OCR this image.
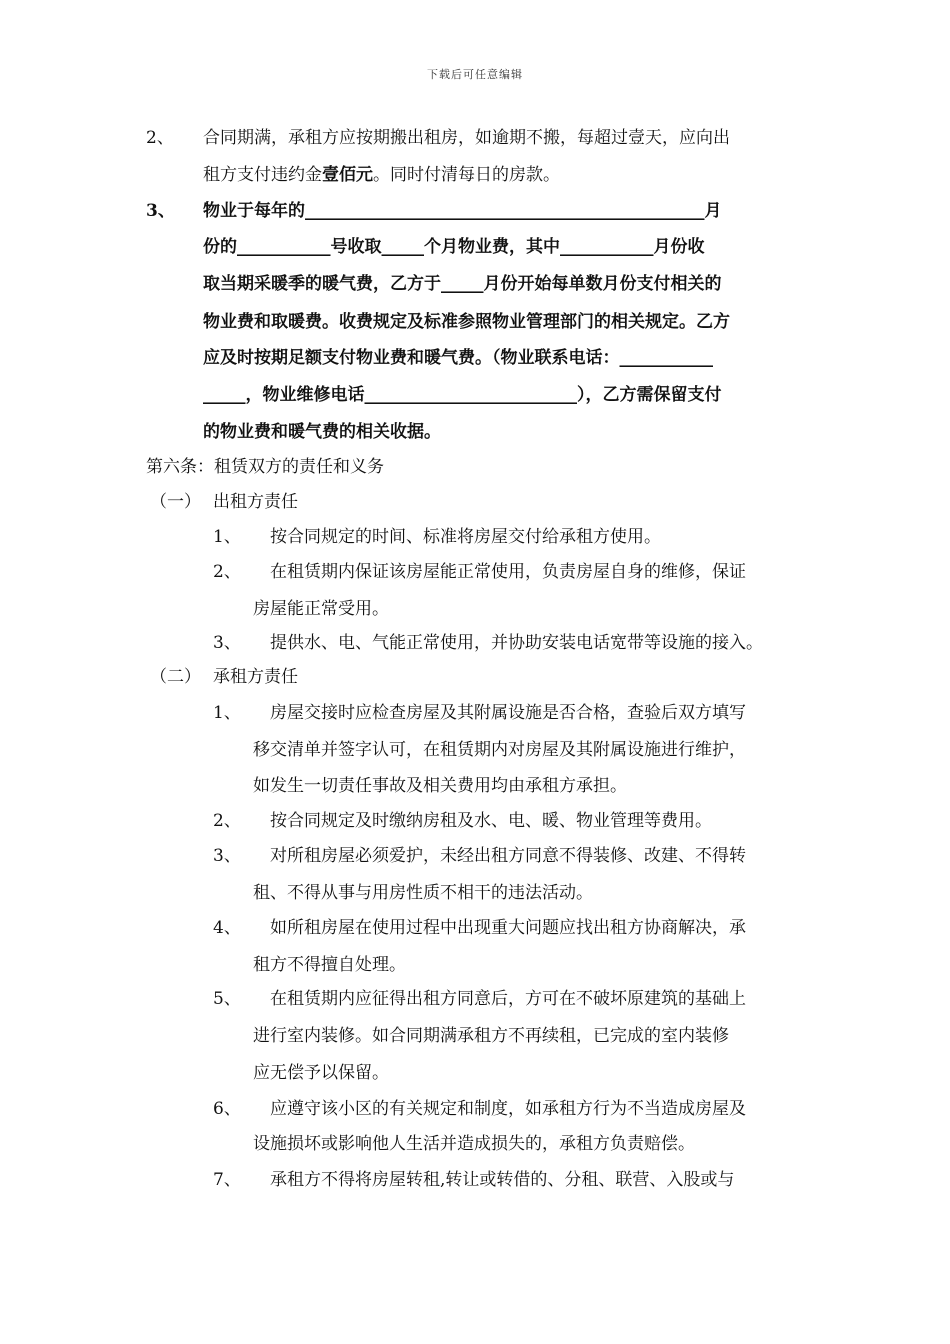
下载后可任意编辑
2、 合同期满，承租方应按期搬出租房，如逾期不搬，每超过壹天，应向出
租方支付违约金壹佰元。同时付清每日的房款。
3、 物业于每年的_______________________________________________月
份的___________号收取_____个月物业费，其中___________月份收
取当期采暖季的暖气费，乙方于_____月份开始每单数月份支付相关的
物业费和取暖费。收费规定及标准参照物业管理部门的相关规定。乙方
应及时按期足额支付物业费和暖气费。（物业联系电话：___________
_____，物业维修电话_________________________），乙方需保留支付
的物业费和暖气费的相关收据。
第六条：租赁双方的责任和义务
（一） 出租方责任
1、 按合同规定的时间、标准将房屋交付给承租方使用。
2、 在租赁期内保证该房屋能正常使用，负责房屋自身的维修，保证
房屋能正常受用。
3、 提供水、电、气能正常使用，并协助安装电话宽带等设施的接入。
（二） 承租方责任
1、 房屋交接时应检查房屋及其附属设施是否合格，查验后双方填写
移交清单并签字认可，在租赁期内对房屋及其附属设施进行维护，
如发生一切责任事故及相关费用均由承租方承担。
2、 按合同规定及时缴纳房租及水、电、暖、物业管理等费用。
3、 对所租房屋必须爱护，未经出租方同意不得装修、改建、不得转
租、不得从事与用房性质不相干的违法活动。
4、 如所租房屋在使用过程中出现重大问题应找出租方协商解决，承
租方不得擅自处理。
5、 在租赁期内应征得出租方同意后，方可在不破坏原建筑的基础上
进行室内装修。如合同期满承租方不再续租，已完成的室内装修
应无偿予以保留。
6、 应遵守该小区的有关规定和制度，如承租方行为不当造成房屋及
设施损坏或影响他人生活并造成损失的，承租方负责赔偿。
7、 承租方不得将房屋转租,转让或转借的、分租、联营、入股或与
